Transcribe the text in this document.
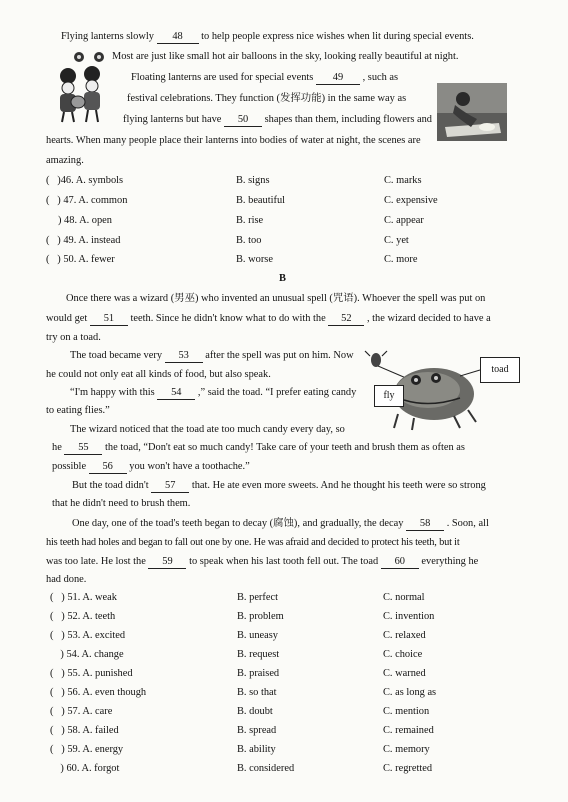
Flying lanterns slowly 48 to help people express nice wishes when lit during special events.
Most are just like small hot air balloons in the sky, looking really beautiful at night.
Floating lanterns are used for special events 49 , such as
festival celebrations. They function (发挥功能) in the same way as
flying lanterns but have 50 shapes than them, including flowers and
hearts. When many people place their lanterns into bodies of water at night, the scenes are
amazing.
(   )46. A. symbols	B. signs	C. marks
(   ) 47. A. common	B. beautiful	C. expensive
) 48. A. open	B. rise	C. appear
(   ) 49. A. instead	B. too	C. yet
(   ) 50. A. fewer	B. worse	C. more
B
Once there was a wizard (男巫) who invented an unusual spell (咒语). Whoever the spell was put on
would get 51 teeth. Since he didn't know what to do with the 52 , the wizard decided to have a
try on a toad.
The toad became very 53 after the spell was put on him. Now
he could not only eat all kinds of food, but also speak.
“I'm happy with this 54 ,” said the toad. “I prefer eating candy
to eating flies.”
toad
fly
The wizard noticed that the toad ate too much candy every day, so
he 55 the toad, “Don't eat so much candy! Take care of your teeth and brush them as often as
possible 56 you won't have a toothache.”
But the toad didn't 57 that. He ate even more sweets. And he thought his teeth were so strong
that he didn't need to brush them.
One day, one of the toad's teeth began to decay (腐蚀), and gradually, the decay 58 . Soon, all
his teeth had holes and began to fall out one by one. He was afraid and decided to protect his teeth, but it
was too late. He lost the 59 to speak when his last tooth fell out. The toad 60 everything he
had done.
(   ) 51. A. weak	B. perfect	C. normal
(   ) 52. A. teeth	B. problem	C. invention
(   ) 53. A. excited	B. uneasy	C. relaxed
) 54. A. change	B. request	C. choice
(   ) 55. A. punished	B. praised	C. warned
(   ) 56. A. even though	B. so that	C. as long as
(   ) 57. A. care	B. doubt	C. mention
(   ) 58. A. failed	B. spread	C. remained
(   ) 59. A. energy	B. ability	C. memory
) 60. A. forgot	B. considered	C. regretted
